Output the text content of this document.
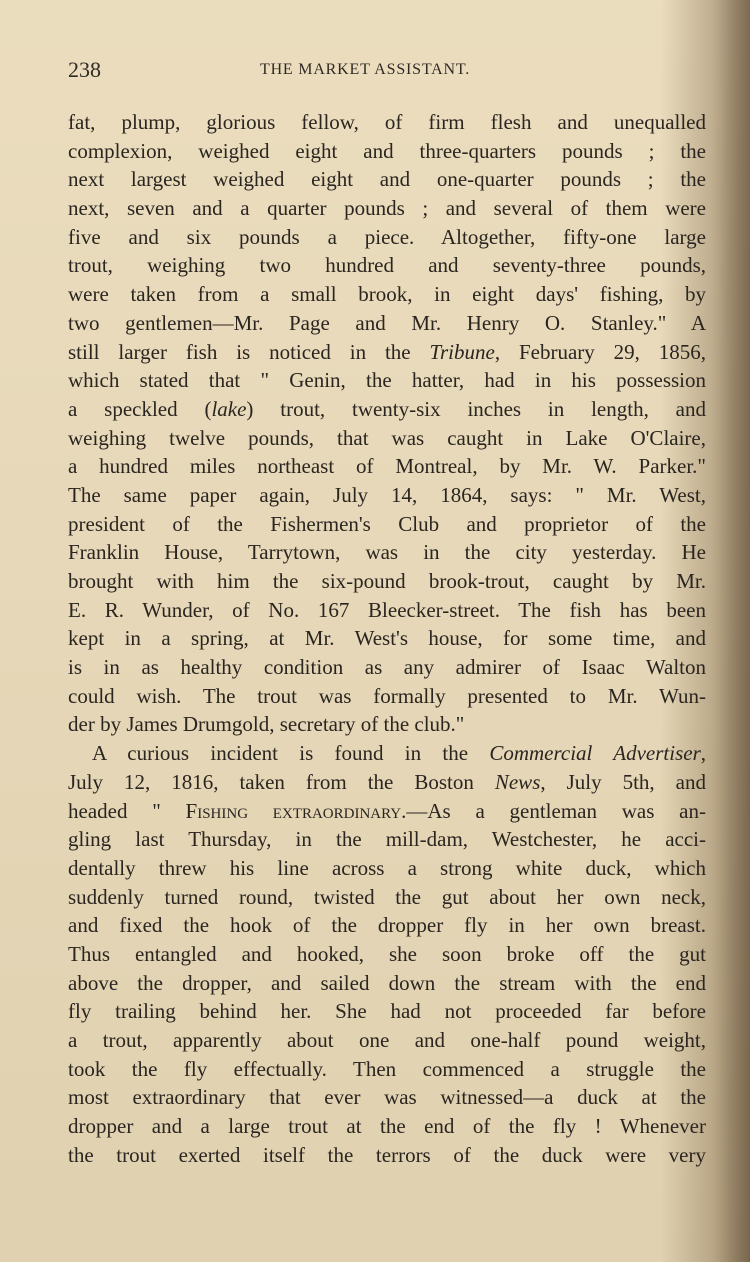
238	THE MARKET ASSISTANT.
fat, plump, glorious fellow, of firm flesh and unequalled
complexion, weighed eight and three-quarters pounds ; the
next largest weighed eight and one-quarter pounds ; the
next, seven and a quarter pounds ; and several of them were
five and six pounds a piece. Altogether, fifty-one large
trout, weighing two hundred and seventy-three pounds,
were taken from a small brook, in eight days' fishing, by
two gentlemen—Mr. Page and Mr. Henry O. Stanley." A
still larger fish is noticed in the Tribune, February 29, 1856,
which stated that " Genin, the hatter, had in his possession
a speckled (lake) trout, twenty-six inches in length, and
weighing twelve pounds, that was caught in Lake O'Claire,
a hundred miles northeast of Montreal, by Mr. W. Parker."
The same paper again, July 14, 1864, says: " Mr. West,
president of the Fishermen's Club and proprietor of the
Franklin House, Tarrytown, was in the city yesterday. He
brought with him the six-pound brook-trout, caught by Mr.
E. R. Wunder, of No. 167 Bleecker-street. The fish has been
kept in a spring, at Mr. West's house, for some time, and
is in as healthy condition as any admirer of Isaac Walton
could wish. The trout was formally presented to Mr. Wun-
der by James Drumgold, secretary of the club."
A curious incident is found in the Commercial Advertiser,
July 12, 1816, taken from the Boston News, July 5th, and
headed " Fishing extraordinary.—As a gentleman was an-
gling last Thursday, in the mill-dam, Westchester, he acci-
dentally threw his line across a strong white duck, which
suddenly turned round, twisted the gut about her own neck,
and fixed the hook of the dropper fly in her own breast.
Thus entangled and hooked, she soon broke off the gut
above the dropper, and sailed down the stream with the end
fly trailing behind her. She had not proceeded far before
a trout, apparently about one and one-half pound weight,
took the fly effectually. Then commenced a struggle the
most extraordinary that ever was witnessed—a duck at the
dropper and a large trout at the end of the fly ! Whenever
the trout exerted itself the terrors of the duck were very
